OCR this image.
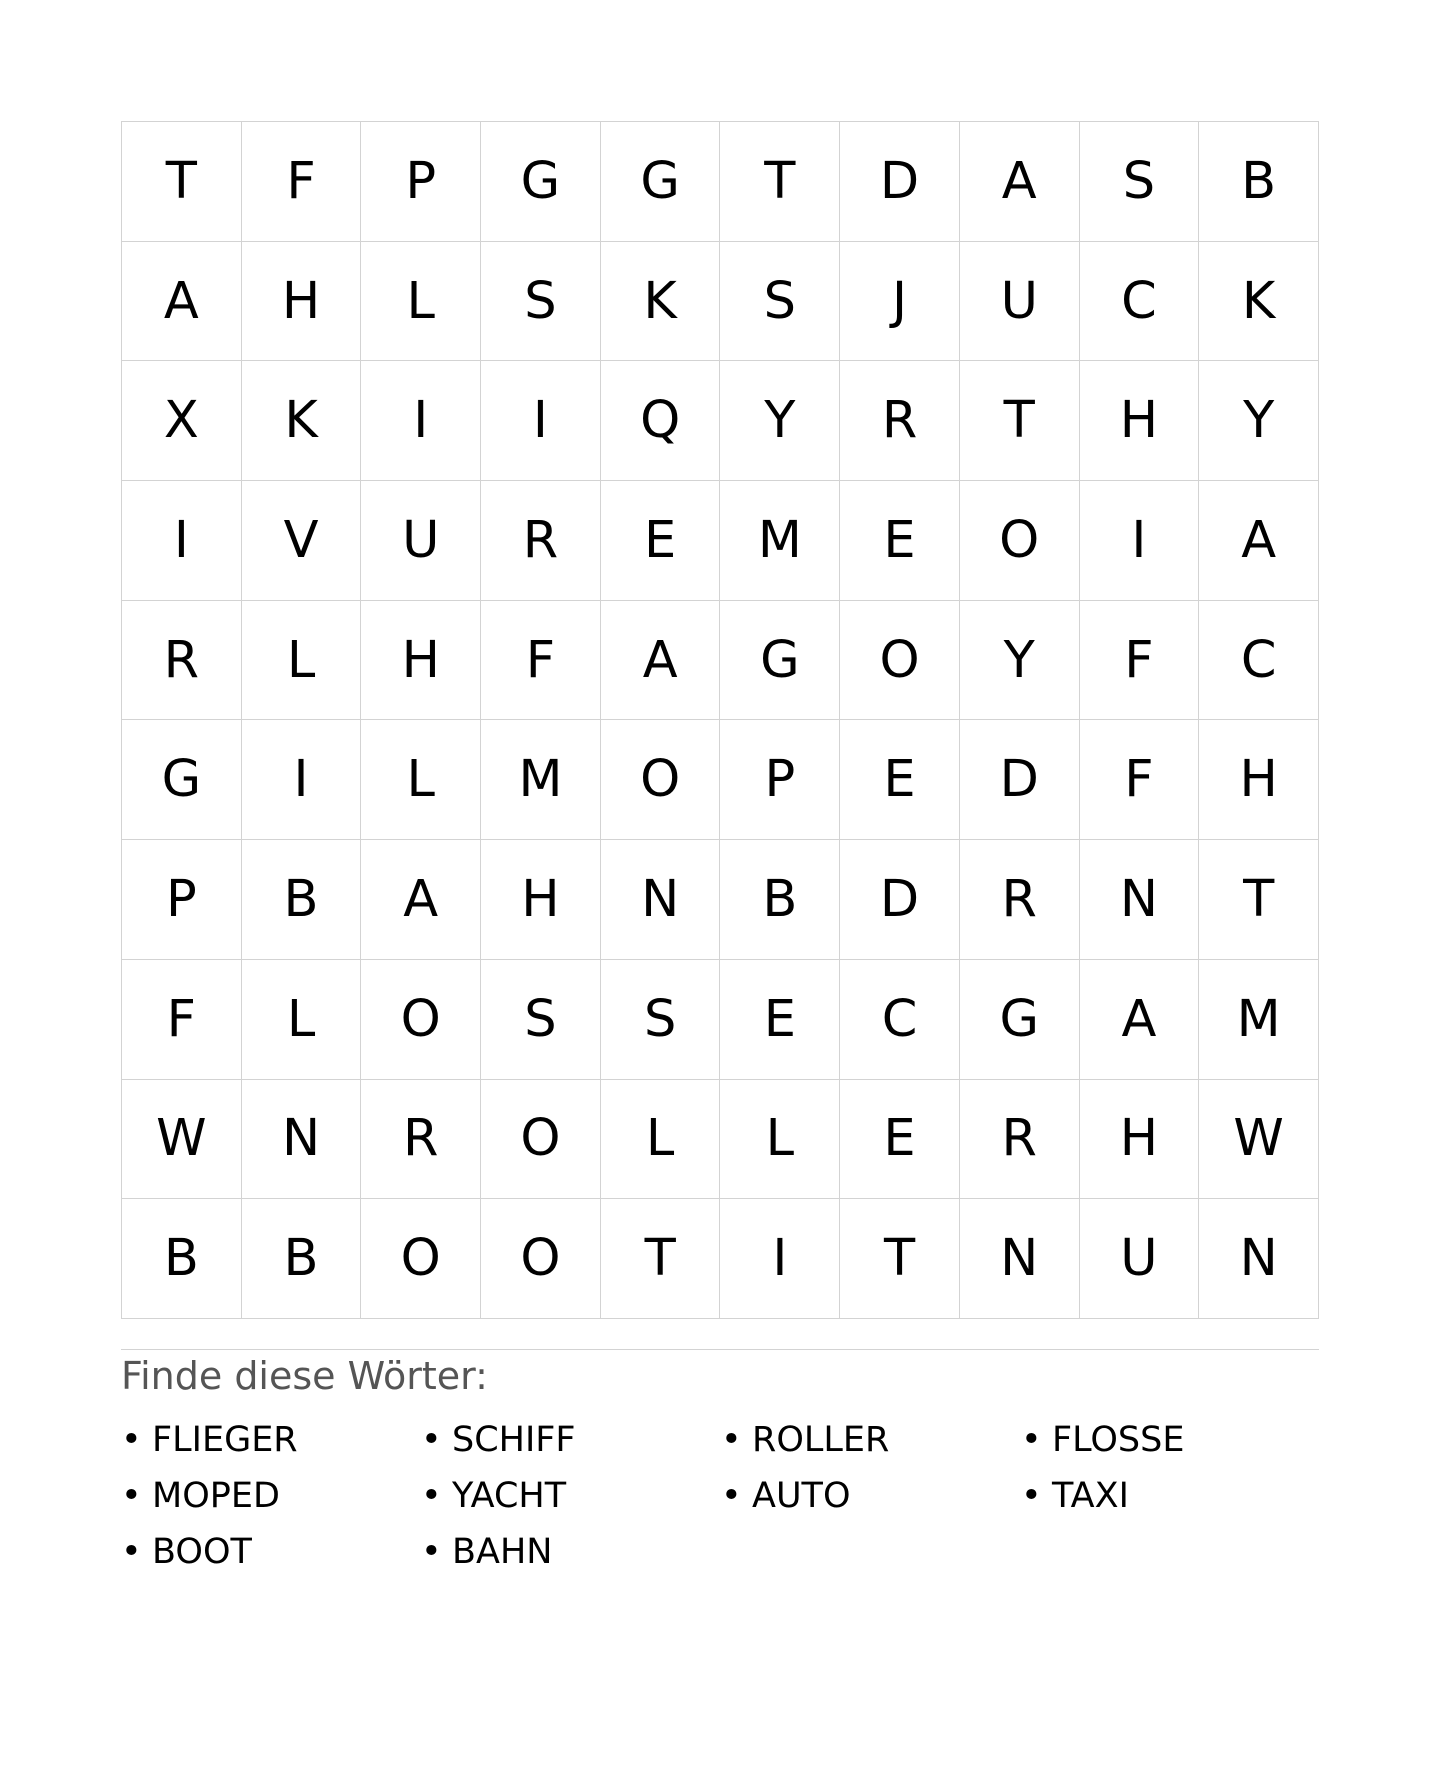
T	F	P	G	G	T	D	A	S	B
A	H	L	S	K	S	J	U	C	K
X	K	I	I	Q	Y	R	T	H	Y
I	V	U	R	E	M	E	O	I	A
R	L	H	F	A	G	O	Y	F	C
G	I	L	M	O	P	E	D	F	H
P	B	A	H	N	B	D	R	N	T
F	L	O	S	S	E	C	G	A	M
W	N	R	O	L	L	E	R	H	W
B	B	O	O	T	I	T	N	U	N
Finde diese Wörter:
• FLIEGER	• SCHIFF	• ROLLER	• FLOSSE
• MOPED	• YACHT	• AUTO	• TAXI
• BOOT	• BAHN
